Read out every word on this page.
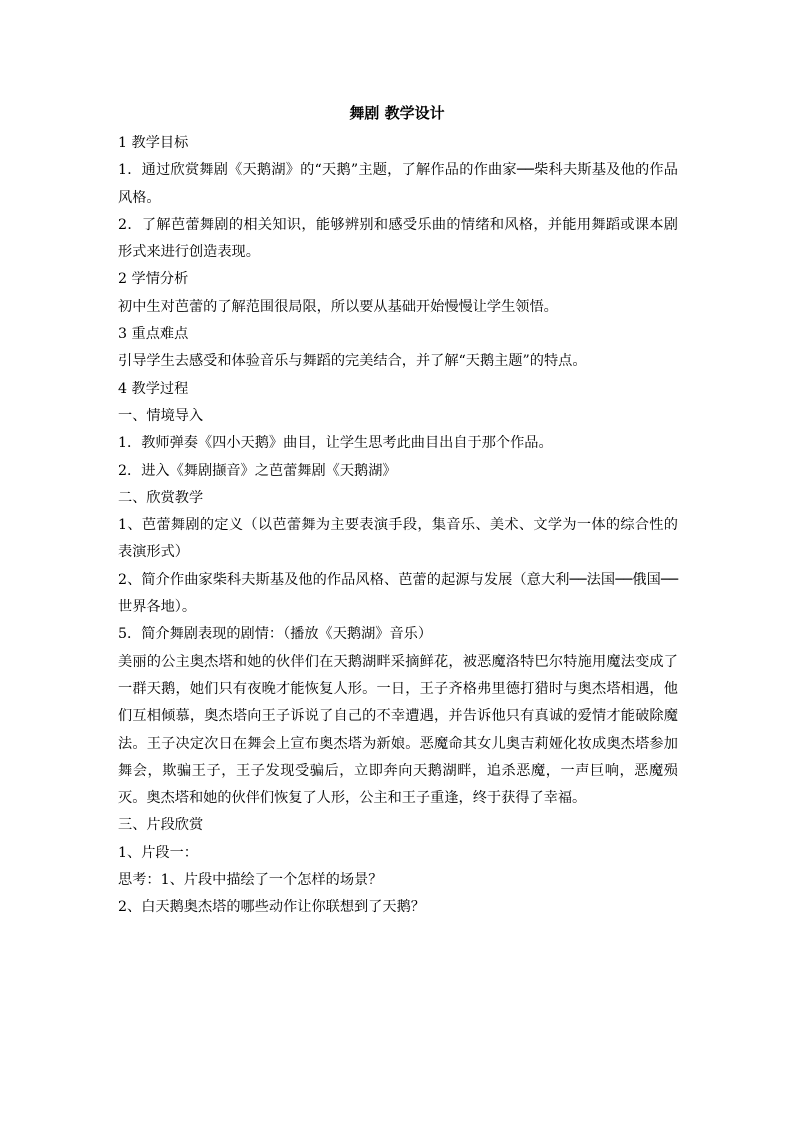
舞剧 教学设计

1 教学目标

1．通过欣赏舞剧《天鹅湖》的“天鹅”主题，了解作品的作曲家──柴科夫斯基及他的作品风格。

2．了解芭蕾舞剧的相关知识，能够辨别和感受乐曲的情绪和风格，并能用舞蹈或课本剧形式来进行创造表现。

2 学情分析

初中生对芭蕾的了解范围很局限，所以要从基础开始慢慢让学生领悟。

3 重点难点

引导学生去感受和体验音乐与舞蹈的完美结合，并了解“天鹅主题”的特点。

4 教学过程

一、情境导入

1．教师弹奏《四小天鹅》曲目，让学生思考此曲目出自于那个作品。

2．进入《舞剧撷音》之芭蕾舞剧《天鹅湖》

二、欣赏教学

1、芭蕾舞剧的定义（以芭蕾舞为主要表演手段，集音乐、美术、文学为一体的综合性的表演形式）

2、简介作曲家柴科夫斯基及他的作品风格、芭蕾的起源与发展（意大利──法国──俄国──世界各地）。

5．简介舞剧表现的剧情：（播放《天鹅湖》音乐）

美丽的公主奥杰塔和她的伙伴们在天鹅湖畔采摘鲜花，被恶魔洛特巴尔特施用魔法变成了一群天鹅，她们只有夜晚才能恢复人形。一日，王子齐格弗里德打猎时与奥杰塔相遇，他们互相倾慕，奥杰塔向王子诉说了自己的不幸遭遇，并告诉他只有真诚的爱情才能破除魔法。王子决定次日在舞会上宣布奥杰塔为新娘。恶魔命其女儿奥吉莉娅化妆成奥杰塔参加舞会，欺骗王子，王子发现受骗后，立即奔向天鹅湖畔，追杀恶魔，一声巨响，恶魔殒灭。奥杰塔和她的伙伴们恢复了人形，公主和王子重逢，终于获得了幸福。

三、片段欣赏

1、片段一：

思考：1、片段中描绘了一个怎样的场景？

2、白天鹅奥杰塔的哪些动作让你联想到了天鹅？
